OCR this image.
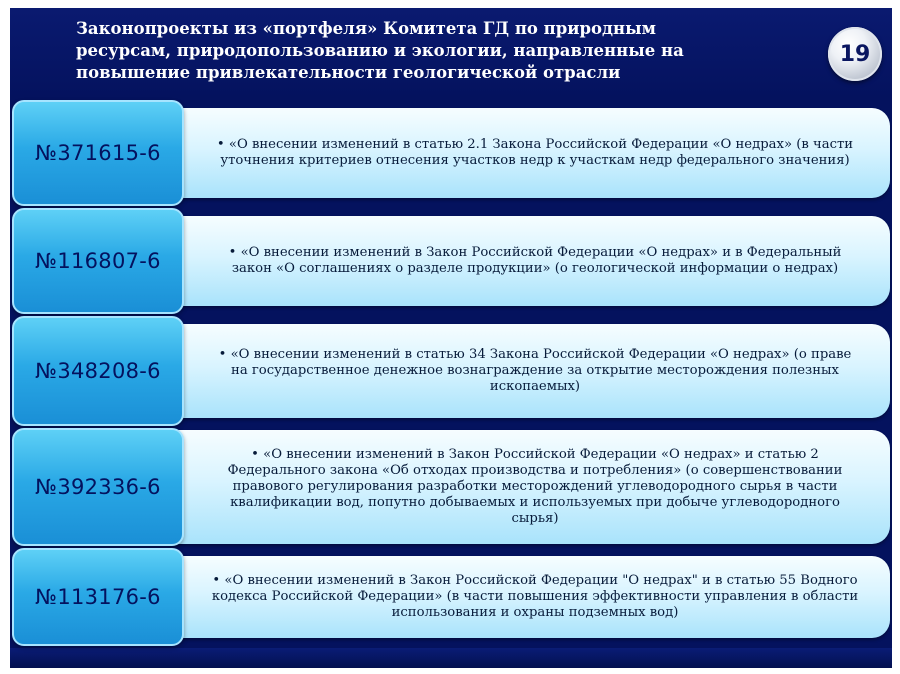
Законопроекты из «портфеля» Комитета ГД по природным ресурсам, природопользованию и экологии, направленные на повышение привлекательности геологической отрасли

19

• «О внесении изменений в статью 2.1 Закона Российской Федерации «О недрах» (в части уточнения критериев отнесения участков недр к участкам недр федерального значения)

№371615-6

• «О внесении изменений в Закон Российской Федерации «О недрах» и в Федеральный закон «О соглашениях о разделе продукции» (о геологической информации о недрах)

№116807-6

• «О внесении изменений в статью 34 Закона Российской Федерации «О недрах» (о праве на государственное денежное вознаграждение за открытие месторождения полезных ископаемых)

№348208-6

• «О внесении изменений в Закон Российской Федерации «О недрах» и статью 2 Федерального закона «Об отходах производства и потребления» (о совершенствовании правового регулирования разработки месторождений углеводородного сырья в части квалификации вод, попутно добываемых и используемых при добыче углеводородного сырья)

№392336-6

• «О внесении изменений в Закон Российской Федерации "О недрах" и в статью 55 Водного кодекса Российской Федерации» (в части повышения эффективности управления в области использования и охраны подземных вод)

№113176-6
